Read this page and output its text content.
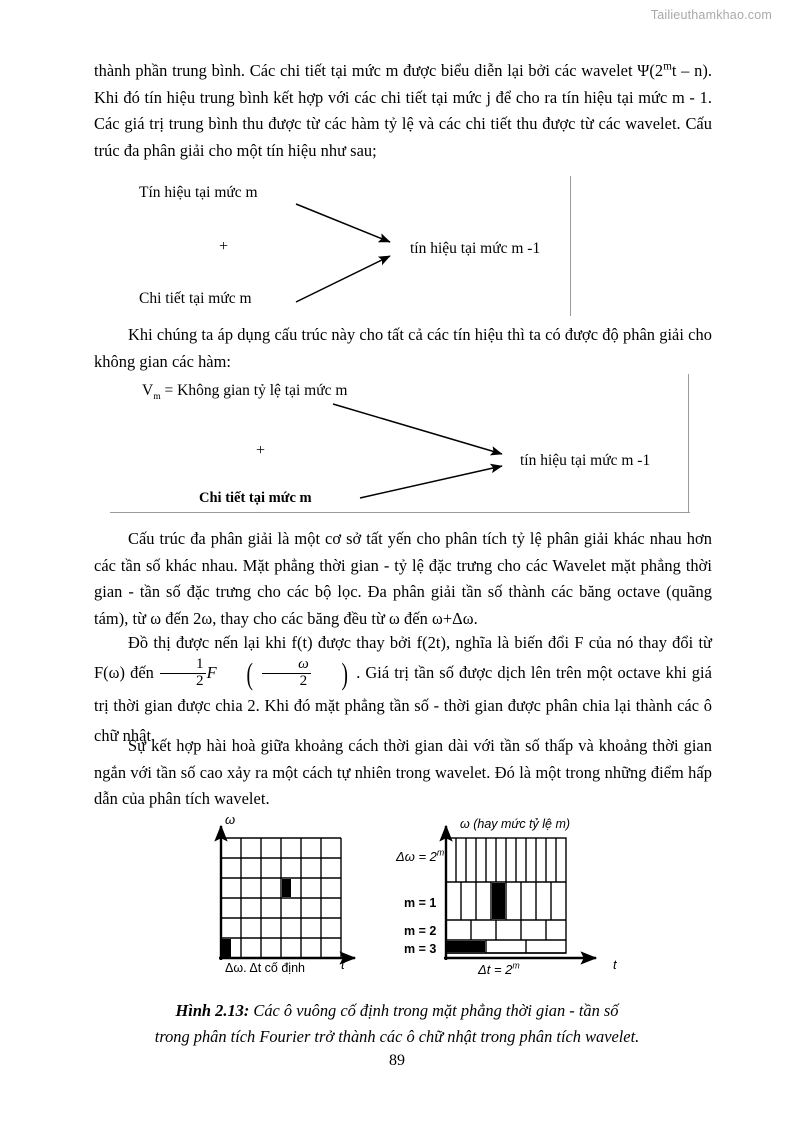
Tailieuthamkhao.com

thành phần trung bình. Các chi tiết tại mức m được biểu diễn lại bởi các wavelet Ψ(2$^m$t – n). Khi đó tín hiệu trung bình kết hợp với các chi tiết tại mức j để cho ra tín hiệu tại mức m - 1. Các giá trị trung bình thu được từ các hàm tỷ lệ và các chi tiết thu được từ các wavelet. Cấu trúc đa phân giải cho một tín hiệu như sau;

Tín hiệu tại mức m
+
Chi tiết tại mức m
tín hiệu tại mức m -1

Khi chúng ta áp dụng cấu trúc này cho tất cả các tín hiệu thì ta có được độ phân giải cho không gian các hàm:

$V_m$ = Không gian tỷ lệ tại mức m
+
Chi tiết tại mức m
tín hiệu tại mức m -1

Cấu trúc đa phân giải là một cơ sở tất yến cho phân tích tỷ lệ phân giải khác nhau hơn các tần số khác nhau. Mặt phẳng thời gian - tỷ lệ đặc trưng cho các Wavelet mặt phẳng thời gian - tần số đặc trưng cho các bộ lọc. Đa phân giải tần số thành các băng octave (quãng tám), từ ω đến 2ω, thay cho các băng đều từ ω đến ω+Δω.

Đồ thị được nến lại khi f(t) được thay bởi f(2t), nghĩa là biến đổi F của nó thay đổi từ F(ω) đến $\frac{1}{2}$ F ( $\frac{\omega}{2}$ ) . Giá trị tần số được dịch lên trên một octave khi giá trị thời gian được chia 2. Khi đó mặt phẳng tần số - thời gian được phân chia lại thành các ô chữ nhật.

Sự kết hợp hài hoà giữa khoảng cách thời gian dài với tần số thấp và khoảng thời gian ngắn với tần số cao xảy ra một cách tự nhiên trong wavelet. Đó là một trong những điểm hấp dẫn của phân tích wavelet.

ω
t
Δω. Δt cố định
ω (hay mức tỷ lệ m)
t
$\Delta\omega = 2^m$
m = 1
m = 2
m = 3
$\Delta t = 2^m$
Hình 2.13: Các ô vuông cố định trong mặt phẳng thời gian - tần số
trong phân tích Fourier trở thành các ô chữ nhật trong phân tích wavelet.
89
